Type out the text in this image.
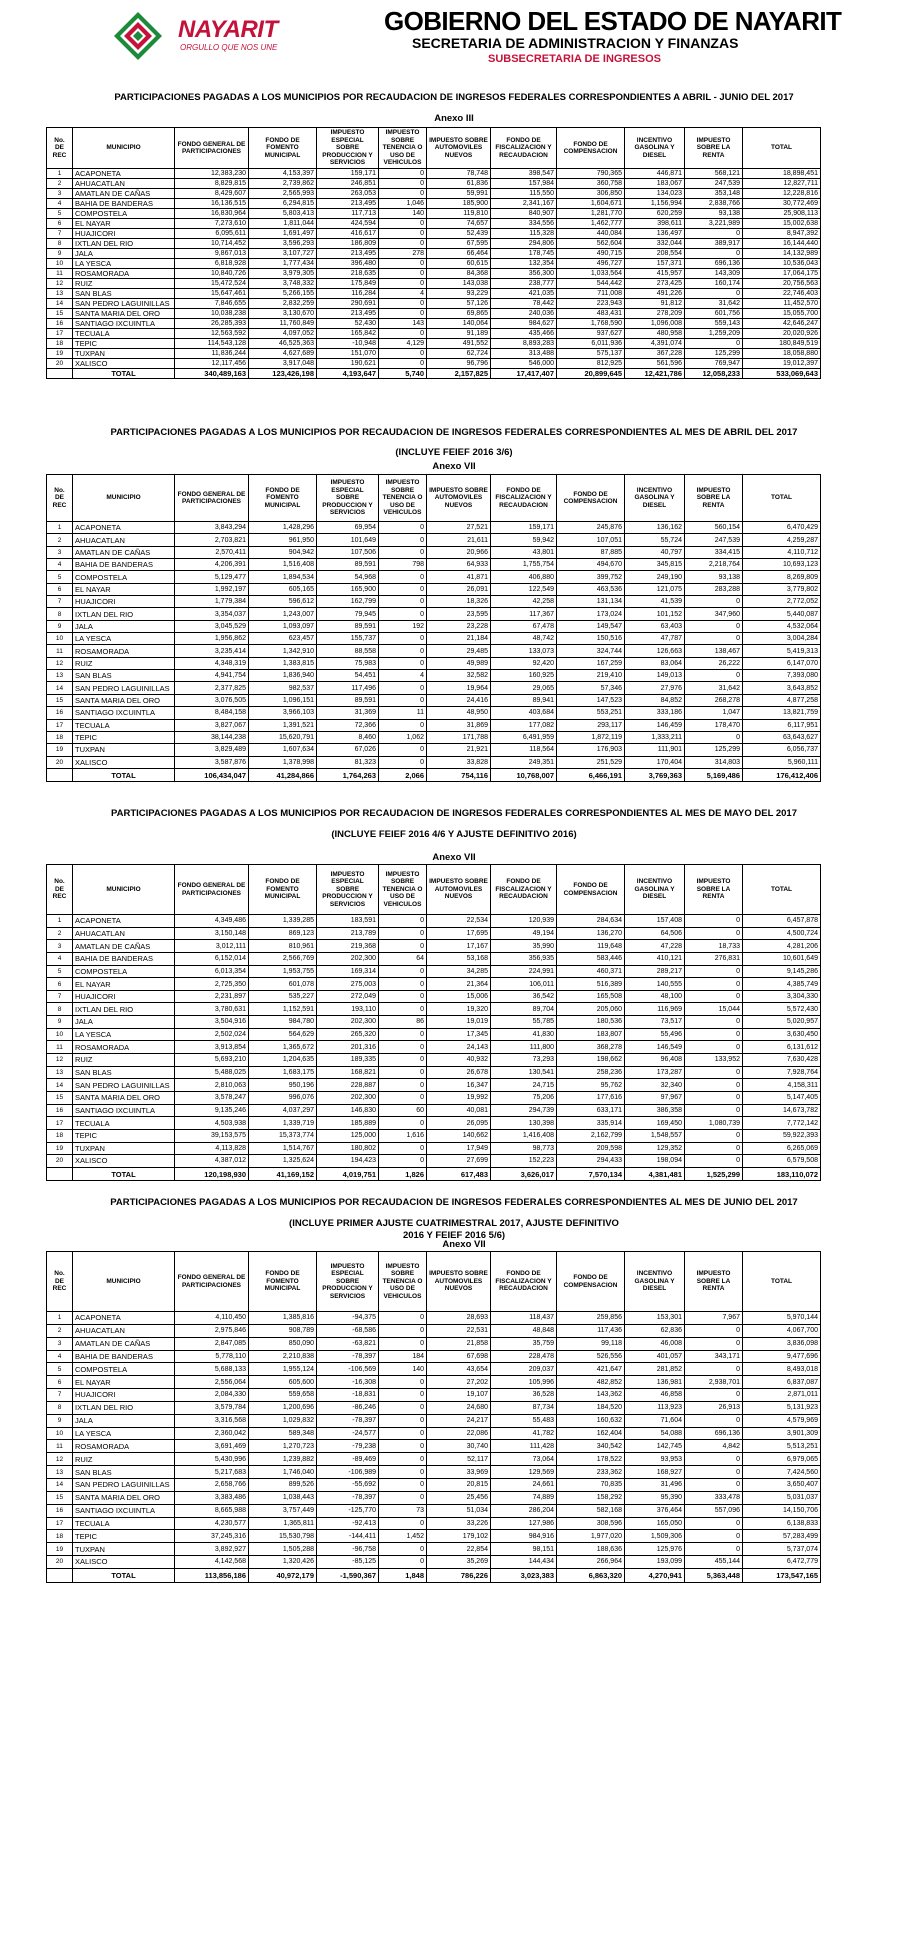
NAYARIT
ORGULLO QUE NOS UNE
GOBIERNO DEL ESTADO DE NAYARIT
SECRETARIA DE ADMINISTRACION Y FINANZAS
SUBSECRETARIA DE INGRESOS
PARTICIPACIONES PAGADAS A LOS MUNICIPIOS POR RECAUDACION DE INGRESOS FEDERALES CORRESPONDIENTES A ABRIL - JUNIO DEL 2017
Anexo III
No.
DE
REC	MUNICIPIO	FONDO GENERAL DE PARTICIPACIONES	FONDO DE FOMENTO MUNICIPAL	IMPUESTO ESPECIAL SOBRE PRODUCCION Y SERVICIOS	IMPUESTO SOBRE TENENCIA O USO DE VEHICULOS	IMPUESTO SOBRE AUTOMOVILES NUEVOS	FONDO DE FISCALIZACION Y RECAUDACION	FONDO DE COMPENSACION	INCENTIVO GASOLINA Y DIESEL	IMPUESTO SOBRE LA RENTA	TOTAL
1	ACAPONETA	12,383,230	4,153,397	159,171	0	78,748	398,547	790,365	446,871	568,121	18,898,451
2	AHUACATLAN	8,829,815	2,739,862	246,851	0	61,836	157,984	360,758	183,067	247,539	12,827,711
3	AMATLAN DE CAÑAS	8,429,607	2,565,993	263,053	0	59,991	115,550	306,850	134,023	353,148	12,228,816
4	BAHIA DE BANDERAS	16,136,515	6,294,815	213,495	1,046	185,900	2,341,167	1,604,671	1,156,994	2,838,766	30,772,469
5	COMPOSTELA	16,830,964	5,803,413	117,713	140	119,810	840,907	1,281,770	620,259	93,138	25,908,113
6	EL NAYAR	7,273,610	1,811,044	424,594	0	74,657	334,556	1,462,777	398,611	3,221,989	15,002,638
7	HUAJICORI	6,095,611	1,691,497	416,617	0	52,439	115,328	440,084	136,497	0	8,947,392
8	IXTLAN DEL RIO	10,714,452	3,596,293	186,809	0	67,595	294,806	562,604	332,044	389,917	16,144,440
9	JALA	9,867,013	3,107,727	213,495	278	66,464	178,745	490,715	208,554	0	14,132,989
10	LA YESCA	6,818,928	1,777,434	396,480	0	60,615	132,354	496,727	157,371	696,136	10,536,043
11	ROSAMORADA	10,840,726	3,979,305	218,635	0	84,368	356,300	1,033,564	415,957	143,309	17,064,175
12	RUIZ	15,472,524	3,748,332	175,849	0	143,038	238,777	544,442	273,425	160,174	20,756,563
13	SAN BLAS	15,647,461	5,266,155	116,284	4	93,229	421,035	711,008	491,226	0	22,746,403
14	SAN PEDRO LAGUINILLAS	7,846,655	2,832,259	290,691	0	57,126	78,442	223,943	91,812	31,642	11,452,570
15	SANTA MARIA DEL ORO	10,038,238	3,130,670	213,495	0	69,865	240,036	483,431	278,209	601,756	15,055,700
16	SANTIAGO IXCUINTLA	26,285,393	11,760,849	52,430	143	140,064	984,627	1,768,590	1,096,008	559,143	42,646,247
17	TECUALA	12,563,592	4,097,052	165,842	0	91,189	435,466	937,627	480,958	1,259,209	20,020,926
18	TEPIC	114,543,128	46,525,363	-10,948	4,129	491,552	8,893,283	6,011,936	4,391,074	0	180,849,519
19	TUXPAN	11,836,244	4,627,689	151,070	0	62,724	313,488	575,137	367,228	125,299	18,058,880
20	XALISCO	12,117,456	3,917,048	190,621	0	96,796	546,000	812,925	561,596	769,947	19,012,397
	TOTAL	340,489,163	123,426,198	4,193,647	5,740	2,157,825	17,417,407	20,899,645	12,421,786	12,058,233	533,069,643
PARTICIPACIONES PAGADAS A LOS MUNICIPIOS POR RECAUDACION DE INGRESOS FEDERALES CORRESPONDIENTES AL MES DE ABRIL DEL 2017
(INCLUYE FEIEF 2016 3/6)
Anexo VII
No.
DE
REC	MUNICIPIO	FONDO GENERAL DE PARTICIPACIONES	FONDO DE FOMENTO MUNICIPAL	IMPUESTO ESPECIAL SOBRE PRODUCCION Y SERVICIOS	IMPUESTO SOBRE TENENCIA O USO DE VEHICULOS	IMPUESTO SOBRE AUTOMOVILES NUEVOS	FONDO DE FISCALIZACION Y RECAUDACION	FONDO DE COMPENSACION	INCENTIVO GASOLINA Y DIESEL	IMPUESTO SOBRE LA RENTA	TOTAL
1	ACAPONETA	3,843,294	1,428,296	69,954	0	27,521	159,171	245,876	136,162	560,154	6,470,429
2	AHUACATLAN	2,703,821	961,950	101,649	0	21,611	59,942	107,051	55,724	247,539	4,259,287
3	AMATLAN DE CAÑAS	2,570,411	904,942	107,506	0	20,966	43,801	87,885	40,797	334,415	4,110,712
4	BAHIA DE BANDERAS	4,206,391	1,516,408	89,591	798	64,933	1,755,754	494,670	345,815	2,218,764	10,693,123
5	COMPOSTELA	5,129,477	1,894,534	54,968	0	41,871	406,880	399,752	249,190	93,138	8,269,809
6	EL NAYAR	1,992,197	605,165	165,900	0	26,091	122,549	463,536	121,075	283,288	3,779,802
7	HUAJICORI	1,779,384	596,612	162,799	0	18,326	42,258	131,134	41,539	0	2,772,052
8	IXTLAN DEL RIO	3,354,037	1,243,007	79,945	0	23,595	117,367	173,024	101,152	347,960	5,440,087
9	JALA	3,045,529	1,093,097	89,591	192	23,228	67,478	149,547	63,403	0	4,532,064
10	LA YESCA	1,956,862	623,457	155,737	0	21,184	48,742	150,516	47,787	0	3,004,284
11	ROSAMORADA	3,235,414	1,342,910	88,558	0	29,485	133,073	324,744	126,663	138,467	5,419,313
12	RUIZ	4,348,319	1,383,815	75,983	0	49,989	92,420	167,259	83,064	26,222	6,147,070
13	SAN BLAS	4,941,754	1,836,940	54,451	4	32,582	160,925	219,410	149,013	0	7,393,080
14	SAN PEDRO LAGUINILLAS	2,377,825	982,537	117,496	0	19,964	29,065	57,346	27,976	31,642	3,643,852
15	SANTA MARIA DEL ORO	3,076,505	1,096,151	89,591	0	24,416	89,941	147,523	84,852	268,278	4,877,258
16	SANTIAGO IXCUINTLA	8,484,158	3,966,103	31,369	11	48,950	403,684	553,251	333,186	1,047	13,821,759
17	TECUALA	3,827,067	1,391,521	72,366	0	31,869	177,082	293,117	146,459	178,470	6,117,951
18	TEPIC	38,144,238	15,620,791	8,460	1,062	171,788	6,491,959	1,872,119	1,333,211	0	63,643,627
19	TUXPAN	3,829,489	1,607,634	67,026	0	21,921	118,564	176,903	111,901	125,299	6,056,737
20	XALISCO	3,587,876	1,378,998	81,323	0	33,828	249,351	251,529	170,404	314,803	5,960,111
	TOTAL	106,434,047	41,284,866	1,764,263	2,066	754,116	10,768,007	6,466,191	3,769,363	5,169,486	176,412,406
PARTICIPACIONES PAGADAS A LOS MUNICIPIOS POR RECAUDACION DE INGRESOS FEDERALES CORRESPONDIENTES AL MES DE MAYO DEL 2017
(INCLUYE FEIEF 2016 4/6 Y AJUSTE DEFINITIVO 2016)
Anexo VII
No.
DE
REC	MUNICIPIO	FONDO GENERAL DE PARTICIPACIONES	FONDO DE FOMENTO MUNICIPAL	IMPUESTO ESPECIAL SOBRE PRODUCCION Y SERVICIOS	IMPUESTO SOBRE TENENCIA O USO DE VEHICULOS	IMPUESTO SOBRE AUTOMOVILES NUEVOS	FONDO DE FISCALIZACION Y RECAUDACION	FONDO DE COMPENSACION	INCENTIVO GASOLINA Y DIESEL	IMPUESTO SOBRE LA RENTA	TOTAL
1	ACAPONETA	4,349,486	1,339,285	183,591	0	22,534	120,939	284,634	157,408	0	6,457,878
2	AHUACATLAN	3,150,148	869,123	213,789	0	17,695	49,194	136,270	64,506	0	4,500,724
3	AMATLAN DE CAÑAS	3,012,111	810,961	219,368	0	17,167	35,990	119,648	47,228	18,733	4,281,206
4	BAHIA DE BANDERAS	6,152,014	2,566,769	202,300	64	53,168	356,935	583,446	410,121	276,831	10,601,649
5	COMPOSTELA	6,013,354	1,953,755	169,314	0	34,285	224,991	460,371	289,217	0	9,145,286
6	EL NAYAR	2,725,350	601,078	275,003	0	21,364	106,011	516,389	140,555	0	4,385,749
7	HUAJICORI	2,231,897	535,227	272,049	0	15,006	36,542	165,508	48,100	0	3,304,330
8	IXTLAN DEL RIO	3,780,631	1,152,591	193,110	0	19,320	89,704	205,060	116,969	15,044	5,572,430
9	JALA	3,504,916	984,780	202,300	86	19,019	55,785	180,536	73,517	0	5,020,957
10	LA YESCA	2,502,024	564,629	265,320	0	17,345	41,830	183,807	55,496	0	3,630,450
11	ROSAMORADA	3,913,854	1,365,672	201,316	0	24,143	111,800	368,278	146,549	0	6,131,612
12	RUIZ	5,693,210	1,204,635	189,335	0	40,932	73,293	198,662	96,408	133,952	7,630,428
13	SAN BLAS	5,488,025	1,683,175	168,821	0	26,678	130,541	258,236	173,287	0	7,928,764
14	SAN PEDRO LAGUINILLAS	2,810,063	950,196	228,887	0	16,347	24,715	95,762	32,340	0	4,158,311
15	SANTA MARIA DEL ORO	3,578,247	996,076	202,300	0	19,992	75,206	177,616	97,967	0	5,147,405
16	SANTIAGO IXCUINTLA	9,135,246	4,037,297	146,830	60	40,081	294,739	633,171	386,358	0	14,673,782
17	TECUALA	4,503,938	1,339,719	185,889	0	26,095	130,398	335,914	169,450	1,080,739	7,772,142
18	TEPIC	39,153,575	15,373,774	125,000	1,616	140,662	1,416,408	2,162,799	1,548,557	0	59,922,393
19	TUXPAN	4,113,828	1,514,767	180,802	0	17,949	98,773	209,598	129,352	0	6,265,069
20	XALISCO	4,387,012	1,325,624	194,423	0	27,699	152,223	294,433	198,094	0	6,579,508
	TOTAL	120,198,930	41,169,152	4,019,751	1,826	617,483	3,626,017	7,570,134	4,381,481	1,525,299	183,110,072
PARTICIPACIONES PAGADAS A LOS MUNICIPIOS POR RECAUDACION DE INGRESOS FEDERALES CORRESPONDIENTES AL MES DE JUNIO DEL 2017
(INCLUYE PRIMER AJUSTE CUATRIMESTRAL 2017, AJUSTE DEFINITIVO
2016 Y FEIEF 2016 5/6)
Anexo VII
No.
DE
REC	MUNICIPIO	FONDO GENERAL DE PARTICIPACIONES	FONDO DE FOMENTO MUNICIPAL	IMPUESTO ESPECIAL SOBRE PRODUCCION Y SERVICIOS	IMPUESTO SOBRE TENENCIA O USO DE VEHICULOS	IMPUESTO SOBRE AUTOMOVILES NUEVOS	FONDO DE FISCALIZACION Y RECAUDACION	FONDO DE COMPENSACION	INCENTIVO GASOLINA Y DIESEL	IMPUESTO SOBRE LA RENTA	TOTAL
1	ACAPONETA	4,110,450	1,385,816	-94,375	0	28,693	118,437	259,856	153,301	7,967	5,970,144
2	AHUACATLAN	2,975,846	908,789	-68,586	0	22,531	48,848	117,436	62,836	0	4,067,700
3	AMATLAN DE CAÑAS	2,847,085	850,090	-63,821	0	21,858	35,759	99,118	46,008	0	3,836,098
4	BAHIA DE BANDERAS	5,778,110	2,210,838	-78,397	184	67,698	228,478	526,556	401,057	343,171	9,477,696
5	COMPOSTELA	5,688,133	1,955,124	-106,569	140	43,654	209,037	421,647	281,852	0	8,493,018
6	EL NAYAR	2,556,064	605,600	-16,308	0	27,202	105,996	482,852	136,981	2,938,701	6,837,087
7	HUAJICORI	2,084,330	559,658	-18,831	0	19,107	36,528	143,362	46,858	0	2,871,011
8	IXTLAN DEL RIO	3,579,784	1,200,696	-86,246	0	24,680	87,734	184,520	113,923	26,913	5,131,923
9	JALA	3,316,568	1,029,832	-78,397	0	24,217	55,483	160,632	71,604	0	4,579,969
10	LA YESCA	2,360,042	589,348	-24,577	0	22,086	41,782	162,404	54,088	696,136	3,901,309
11	ROSAMORADA	3,691,469	1,270,723	-79,238	0	30,740	111,428	340,542	142,745	4,842	5,513,251
12	RUIZ	5,430,996	1,239,882	-89,469	0	52,117	73,064	178,522	93,953	0	6,979,065
13	SAN BLAS	5,217,683	1,746,040	-106,989	0	33,969	129,569	233,362	168,927	0	7,424,560
14	SAN PEDRO LAGUINILLAS	2,658,766	899,526	-55,692	0	20,815	24,661	70,835	31,496	0	3,650,407
15	SANTA MARIA DEL ORO	3,383,486	1,038,443	-78,397	0	25,456	74,889	158,292	95,390	333,478	5,031,037
16	SANTIAGO IXCUINTLA	8,665,988	3,757,449	-125,770	73	51,034	286,204	582,168	376,464	557,096	14,150,706
17	TECUALA	4,230,577	1,365,811	-92,413	0	33,226	127,986	308,596	165,050	0	6,138,833
18	TEPIC	37,245,316	15,530,798	-144,411	1,452	179,102	984,916	1,977,020	1,509,306	0	57,283,499
19	TUXPAN	3,892,927	1,505,288	-96,758	0	22,854	98,151	188,636	125,976	0	5,737,074
20	XALISCO	4,142,568	1,320,426	-85,125	0	35,269	144,434	266,964	193,099	455,144	6,472,779
	TOTAL	113,856,186	40,972,179	-1,590,367	1,848	786,226	3,023,383	6,863,320	4,270,941	5,363,448	173,547,165
